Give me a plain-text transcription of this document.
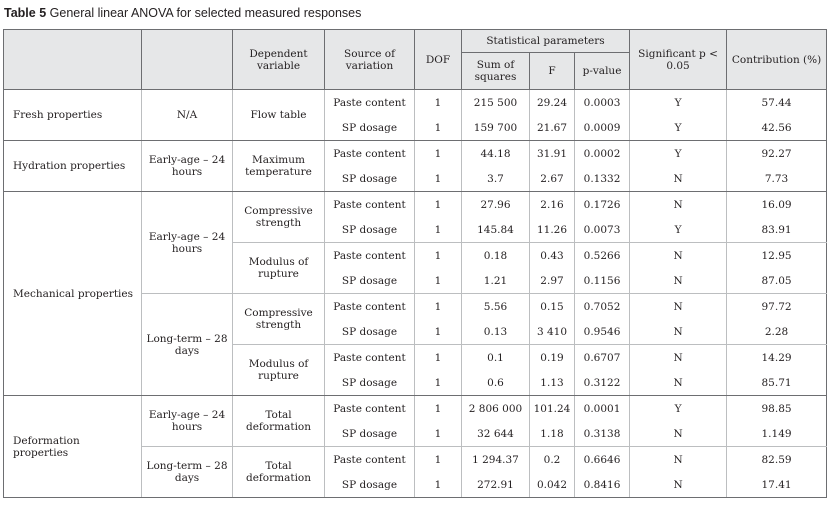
Table 5 General linear ANOVA for selected measured responses
		Dependent variable	Source of variation	DOF	Statistical parameters			Significant p < 0.05	Contribution (%)
					Sum of squares	F	p-value		
Fresh properties	N/A	Flow table	Paste content	1	215 500	29.24	0.0003	Y	57.44
			SP dosage	1	159 700	21.67	0.0009	Y	42.56
Hydration properties	Early-age – 24 hours	Maximum temperature	Paste content	1	44.18	31.91	0.0002	Y	92.27
			SP dosage	1	3.7	2.67	0.1332	N	7.73
Mechanical properties	Early-age – 24 hours	Compressive strength	Paste content	1	27.96	2.16	0.1726	N	16.09
			SP dosage	1	145.84	11.26	0.0073	Y	83.91
		Modulus of rupture	Paste content	1	0.18	0.43	0.5266	N	12.95
			SP dosage	1	1.21	2.97	0.1156	N	87.05
	Long-term – 28 days	Compressive strength	Paste content	1	5.56	0.15	0.7052	N	97.72
			SP dosage	1	0.13	3 410	0.9546	N	2.28
		Modulus of rupture	Paste content	1	0.1	0.19	0.6707	N	14.29
			SP dosage	1	0.6	1.13	0.3122	N	85.71
Deformation properties	Early-age – 24 hours	Total deformation	Paste content	1	2 806 000	101.24	0.0001	Y	98.85
			SP dosage	1	32 644	1.18	0.3138	N	1.149
	Long-term – 28 days	Total deformation	Paste content	1	1 294.37	0.2	0.6646	N	82.59
			SP dosage	1	272.91	0.042	0.8416	N	17.41
